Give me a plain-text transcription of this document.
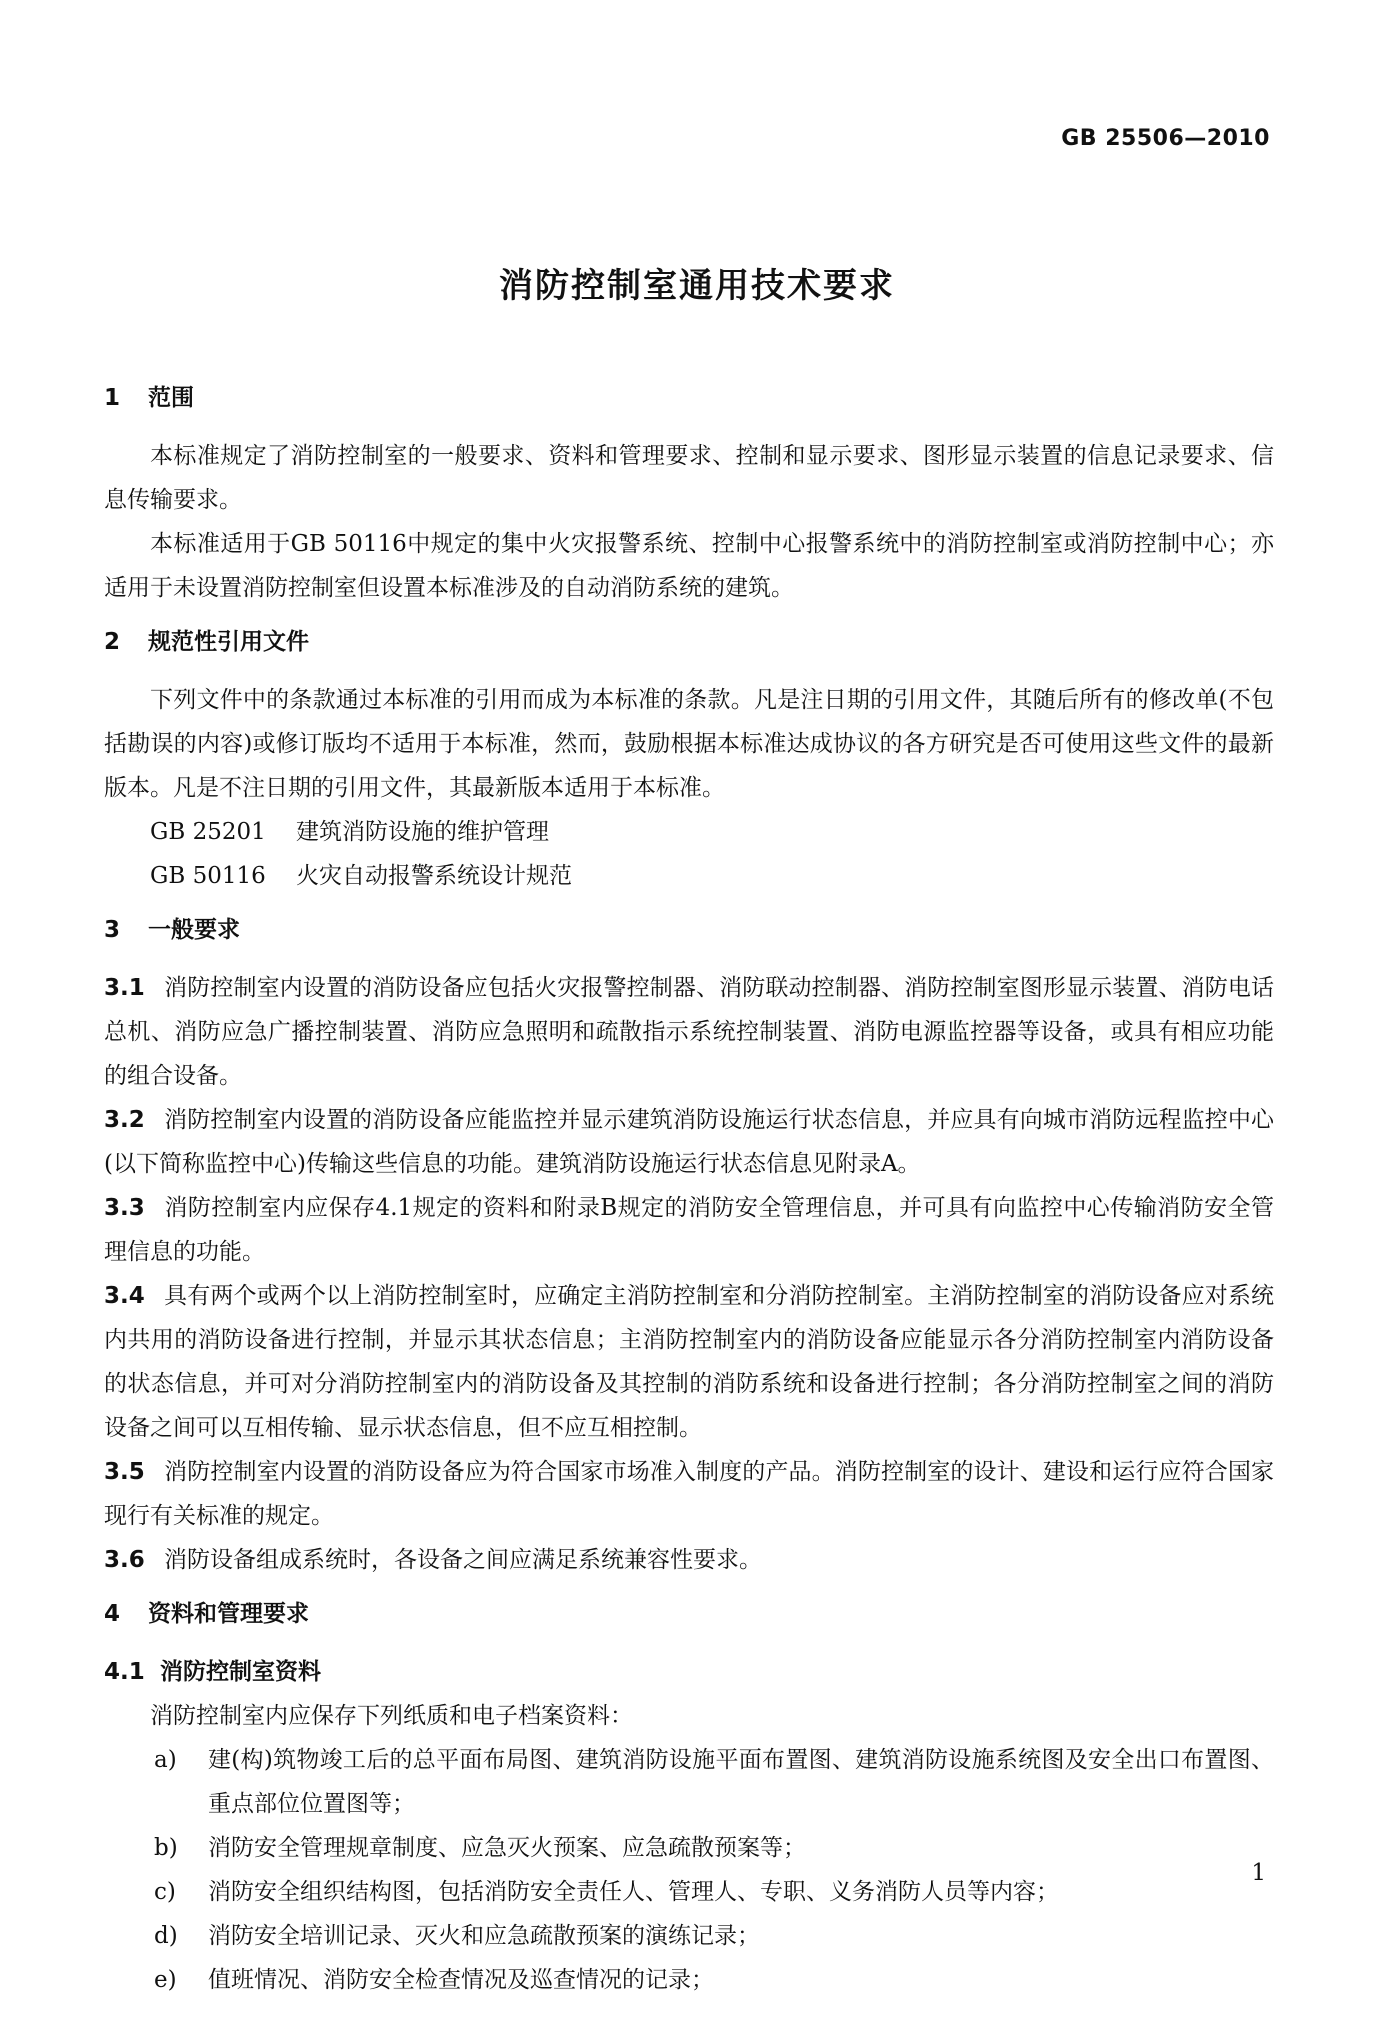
GB 25506—2010
消防控制室通用技术要求
1 范围

本标准规定了消防控制室的一般要求、资料和管理要求、控制和显示要求、图形显示装置的信息记录要求、信息传输要求。

本标准适用于GB 50116中规定的集中火灾报警系统、控制中心报警系统中的消防控制室或消防控制中心；亦适用于未设置消防控制室但设置本标准涉及的自动消防系统的建筑。

2 规范性引用文件

下列文件中的条款通过本标准的引用而成为本标准的条款。凡是注日期的引用文件，其随后所有的修改单(不包括勘误的内容)或修订版均不适用于本标准，然而，鼓励根据本标准达成协议的各方研究是否可使用这些文件的最新版本。凡是不注日期的引用文件，其最新版本适用于本标准。

GB 25201 建筑消防设施的维护管理

GB 50116 火灾自动报警系统设计规范

3 一般要求

3.1 消防控制室内设置的消防设备应包括火灾报警控制器、消防联动控制器、消防控制室图形显示装置、消防电话总机、消防应急广播控制装置、消防应急照明和疏散指示系统控制装置、消防电源监控器等设备，或具有相应功能的组合设备。

3.2 消防控制室内设置的消防设备应能监控并显示建筑消防设施运行状态信息，并应具有向城市消防远程监控中心(以下简称监控中心)传输这些信息的功能。建筑消防设施运行状态信息见附录A。

3.3 消防控制室内应保存4.1规定的资料和附录B规定的消防安全管理信息，并可具有向监控中心传输消防安全管理信息的功能。

3.4 具有两个或两个以上消防控制室时，应确定主消防控制室和分消防控制室。主消防控制室的消防设备应对系统内共用的消防设备进行控制，并显示其状态信息；主消防控制室内的消防设备应能显示各分消防控制室内消防设备的状态信息，并可对分消防控制室内的消防设备及其控制的消防系统和设备进行控制；各分消防控制室之间的消防设备之间可以互相传输、显示状态信息，但不应互相控制。

3.5 消防控制室内设置的消防设备应为符合国家市场准入制度的产品。消防控制室的设计、建设和运行应符合国家现行有关标准的规定。

3.6 消防设备组成系统时，各设备之间应满足系统兼容性要求。

4 资料和管理要求
4.1 消防控制室资料

消防控制室内应保存下列纸质和电子档案资料：

a) 建(构)筑物竣工后的总平面布局图、建筑消防设施平面布置图、建筑消防设施系统图及安全出口布置图、重点部位位置图等；

b) 消防安全管理规章制度、应急灭火预案、应急疏散预案等；

c) 消防安全组织结构图，包括消防安全责任人、管理人、专职、义务消防人员等内容；

d) 消防安全培训记录、灭火和应急疏散预案的演练记录；

e) 值班情况、消防安全检查情况及巡查情况的记录；

1
